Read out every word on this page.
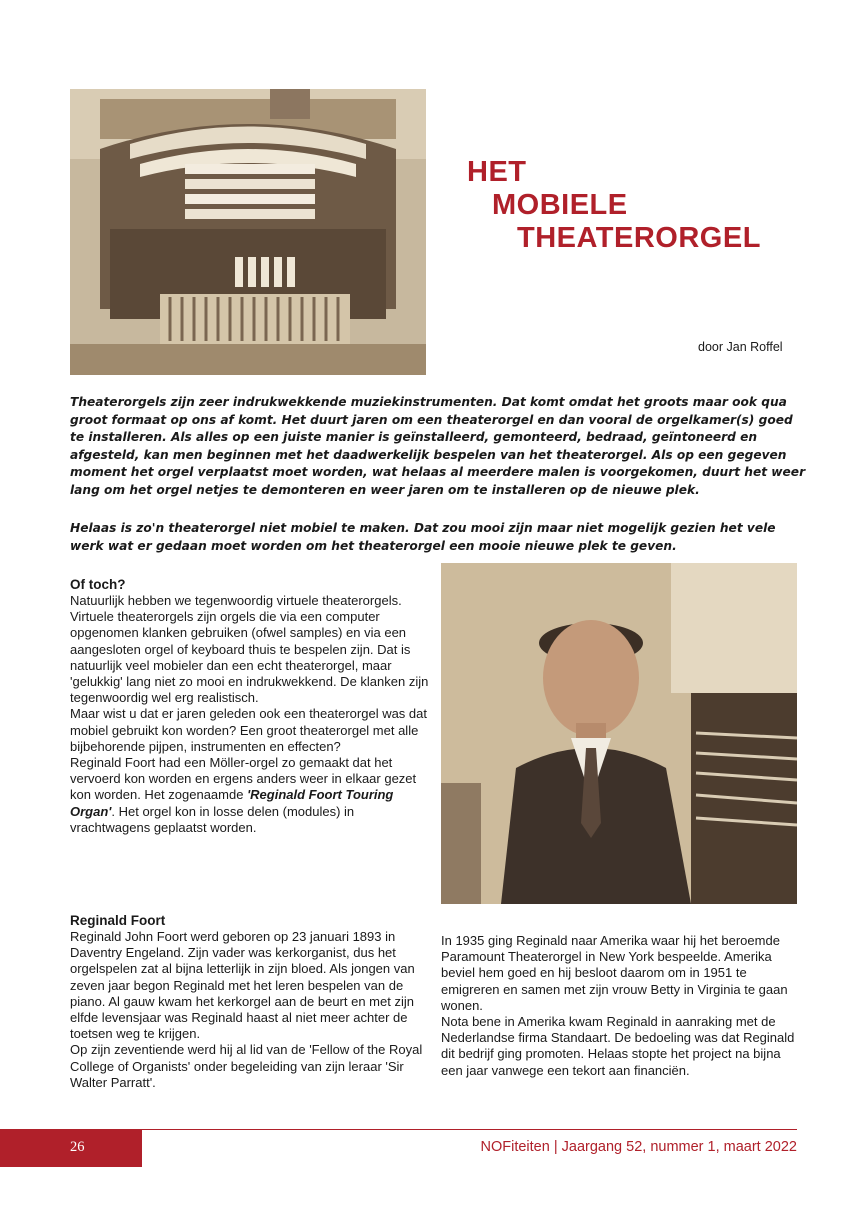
HET
MOBIELE
THEATERORGEL
door Jan Roffel

Theaterorgels zijn zeer indrukwekkende muziekinstrumenten. Dat komt omdat het groots maar ook qua groot formaat op ons af komt. Het duurt jaren om een theaterorgel en dan vooral de orgelkamer(s) goed te installeren. Als alles op een juiste manier is geïnstalleerd, gemonteerd, bedraad, geïntoneerd en afgesteld, kan men beginnen met het daadwerkelijk bespelen van het theaterorgel. Als op een gegeven moment het orgel verplaatst moet worden, wat helaas al meerdere malen is voorgekomen, duurt het weer lang om het orgel netjes te demonteren en weer jaren om te installeren op de nieuwe plek.

Helaas is zo'n theaterorgel niet mobiel te maken. Dat zou mooi zijn maar niet mogelijk gezien het vele werk wat er gedaan moet worden om het theaterorgel een mooie nieuwe plek te geven.

Of toch?

Natuurlijk hebben we tegenwoordig virtuele theaterorgels. Virtuele theaterorgels zijn orgels die via een computer opgenomen klanken gebruiken (ofwel samples) en via een aangesloten orgel of keyboard thuis te bespelen zijn. Dat is natuurlijk veel mobieler dan een echt theaterorgel, maar 'gelukkig' lang niet zo mooi en indrukwekkend. De klanken zijn tegenwoordig wel erg realistisch.

Maar wist u dat er jaren geleden ook een theaterorgel was dat mobiel gebruikt kon worden? Een groot theaterorgel met alle bijbehorende pijpen, instrumenten en effecten?

Reginald Foort had een Möller-orgel zo gemaakt dat het vervoerd kon worden en ergens anders weer in elkaar gezet kon worden. Het zogenaamde 'Reginald Foort Touring Organ'. Het orgel kon in losse delen (modules) in vrachtwagens geplaatst worden.

Reginald Foort

Reginald John Foort werd geboren op 23 januari 1893 in Daventry Engeland. Zijn vader was kerkorganist, dus het orgelspelen zat al bijna letterlijk in zijn bloed. Als jongen van zeven jaar begon Reginald met het leren bespelen van de piano. Al gauw kwam het kerkorgel aan de beurt en met zijn elfde levensjaar was Reginald haast al niet meer achter de toetsen weg te krijgen.

Op zijn zeventiende werd hij al lid van de 'Fellow of the Royal College of Organists' onder begeleiding van zijn leraar 'Sir Walter Parratt'.

In 1935 ging Reginald naar Amerika waar hij het beroemde Paramount Theaterorgel in New York bespeelde. Amerika beviel hem goed en hij besloot daarom om in 1951 te emigreren en samen met zijn vrouw Betty in Virginia te gaan wonen.

Nota bene in Amerika kwam Reginald in aanraking met de Nederlandse firma Standaart. De bedoeling was dat Reginald dit bedrijf ging promoten. Helaas stopte het project na bijna een jaar vanwege een tekort aan financiën.

26	NOFiteiten | Jaargang 52, nummer 1, maart 2022
